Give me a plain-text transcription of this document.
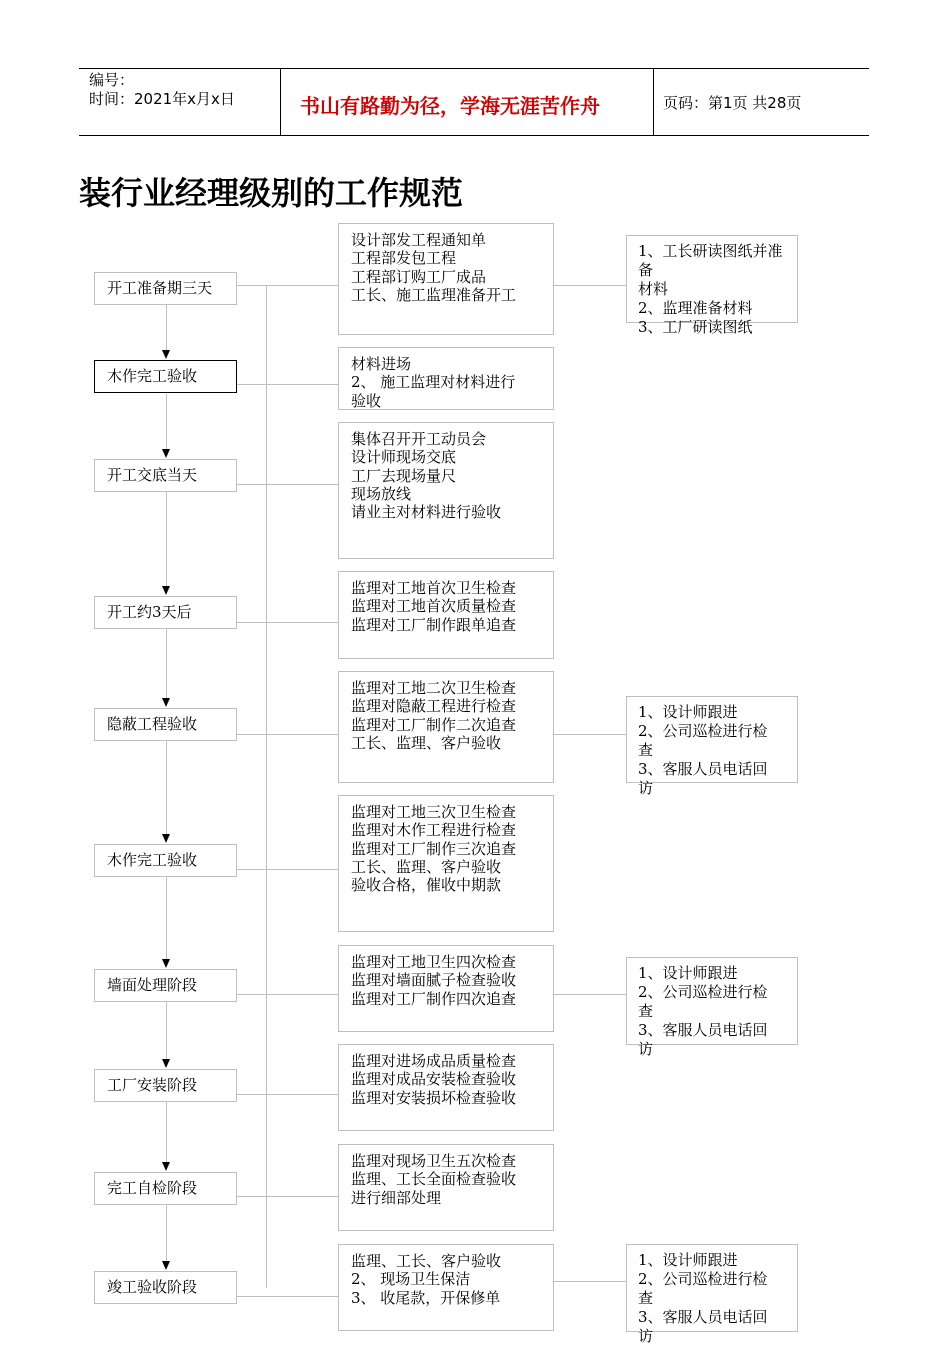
编号：
时间：2021年x月x日	书山有路勤为径，学海无涯苦作舟	页码：第1页 共28页
装行业经理级别的工作规范
开工准备期三天
木作完工验收
开工交底当天
开工约3天后
隐蔽工程验收
木作完工验收
墙面处理阶段
工厂安装阶段
完工自检阶段
竣工验收阶段
设计部发工程通知单
工程部发包工程
工程部订购工厂成品
工长、施工监理准备开工
材料进场
2、 施工监理对材料进行
验收
集体召开开工动员会
设计师现场交底
工厂去现场量尺
现场放线
请业主对材料进行验收
监理对工地首次卫生检查
监理对工地首次质量检查
监理对工厂制作跟单追查
监理对工地二次卫生检查
监理对隐蔽工程进行检查
监理对工厂制作二次追查
工长、监理、客户验收
监理对工地三次卫生检查
监理对木作工程进行检查
监理对工厂制作三次追查
工长、监理、客户验收
验收合格，催收中期款
监理对工地卫生四次检查
监理对墙面腻子检查验收
监理对工厂制作四次追查
监理对进场成品质量检查
监理对成品安装检查验收
监理对安装损坏检查验收
监理对现场卫生五次检查
监理、工长全面检查验收
进行细部处理
监理、工长、客户验收
2、 现场卫生保洁
3、 收尾款，开保修单
1、工长研读图纸并准备
材料
2、监理准备材料
3、工厂研读图纸
1、设计师跟进
2、公司巡检进行检
查
3、客服人员电话回
访
1、设计师跟进
2、公司巡检进行检
查
3、客服人员电话回
访
1、设计师跟进
2、公司巡检进行检
查
3、客服人员电话回
访
